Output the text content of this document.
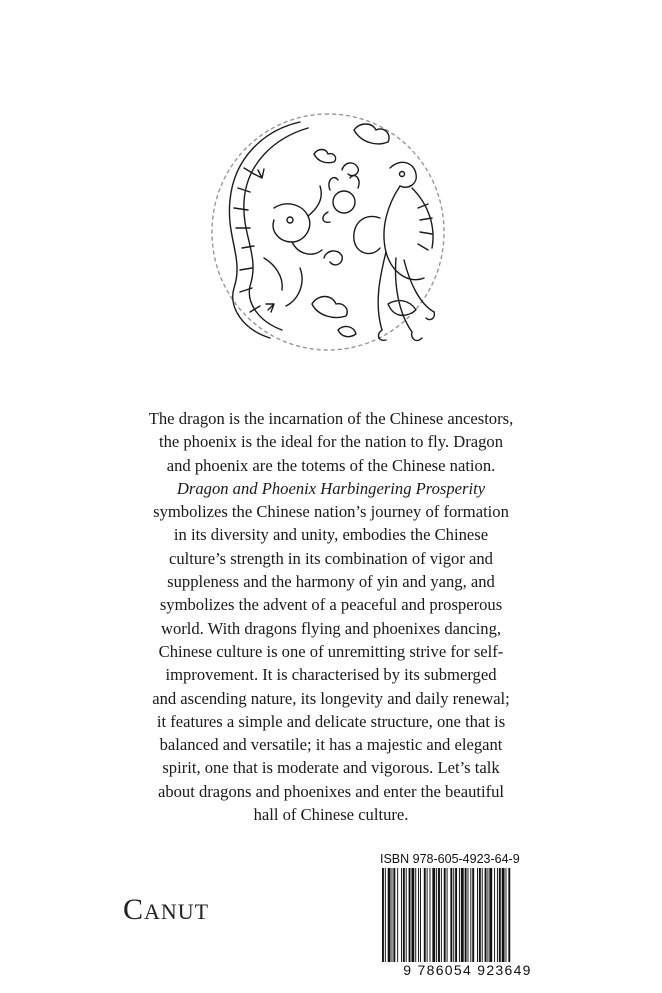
The dragon is the incarnation of the Chinese ancestors,
the phoenix is the ideal for the nation to fly. Dragon
and phoenix are the totems of the Chinese nation.
Dragon and Phoenix Harbingering Prosperity
symbolizes the Chinese nation’s journey of formation
in its diversity and unity, embodies the Chinese
culture’s strength in its combination of vigor and
suppleness and the harmony of yin and yang, and
symbolizes the advent of a peaceful and prosperous
world. With dragons flying and phoenixes dancing,
Chinese culture is one of unremitting strive for self-
improvement. It is characterised by its submerged
and ascending nature, its longevity and daily renewal;
it features a simple and delicate structure, one that is
balanced and versatile; it has a majestic and elegant
spirit, one that is moderate and vigorous. Let’s talk
about dragons and phoenixes and enter the beautiful
hall of Chinese culture.
CANUT
ISBN 978-605-4923-64-9
9 786054 923649
